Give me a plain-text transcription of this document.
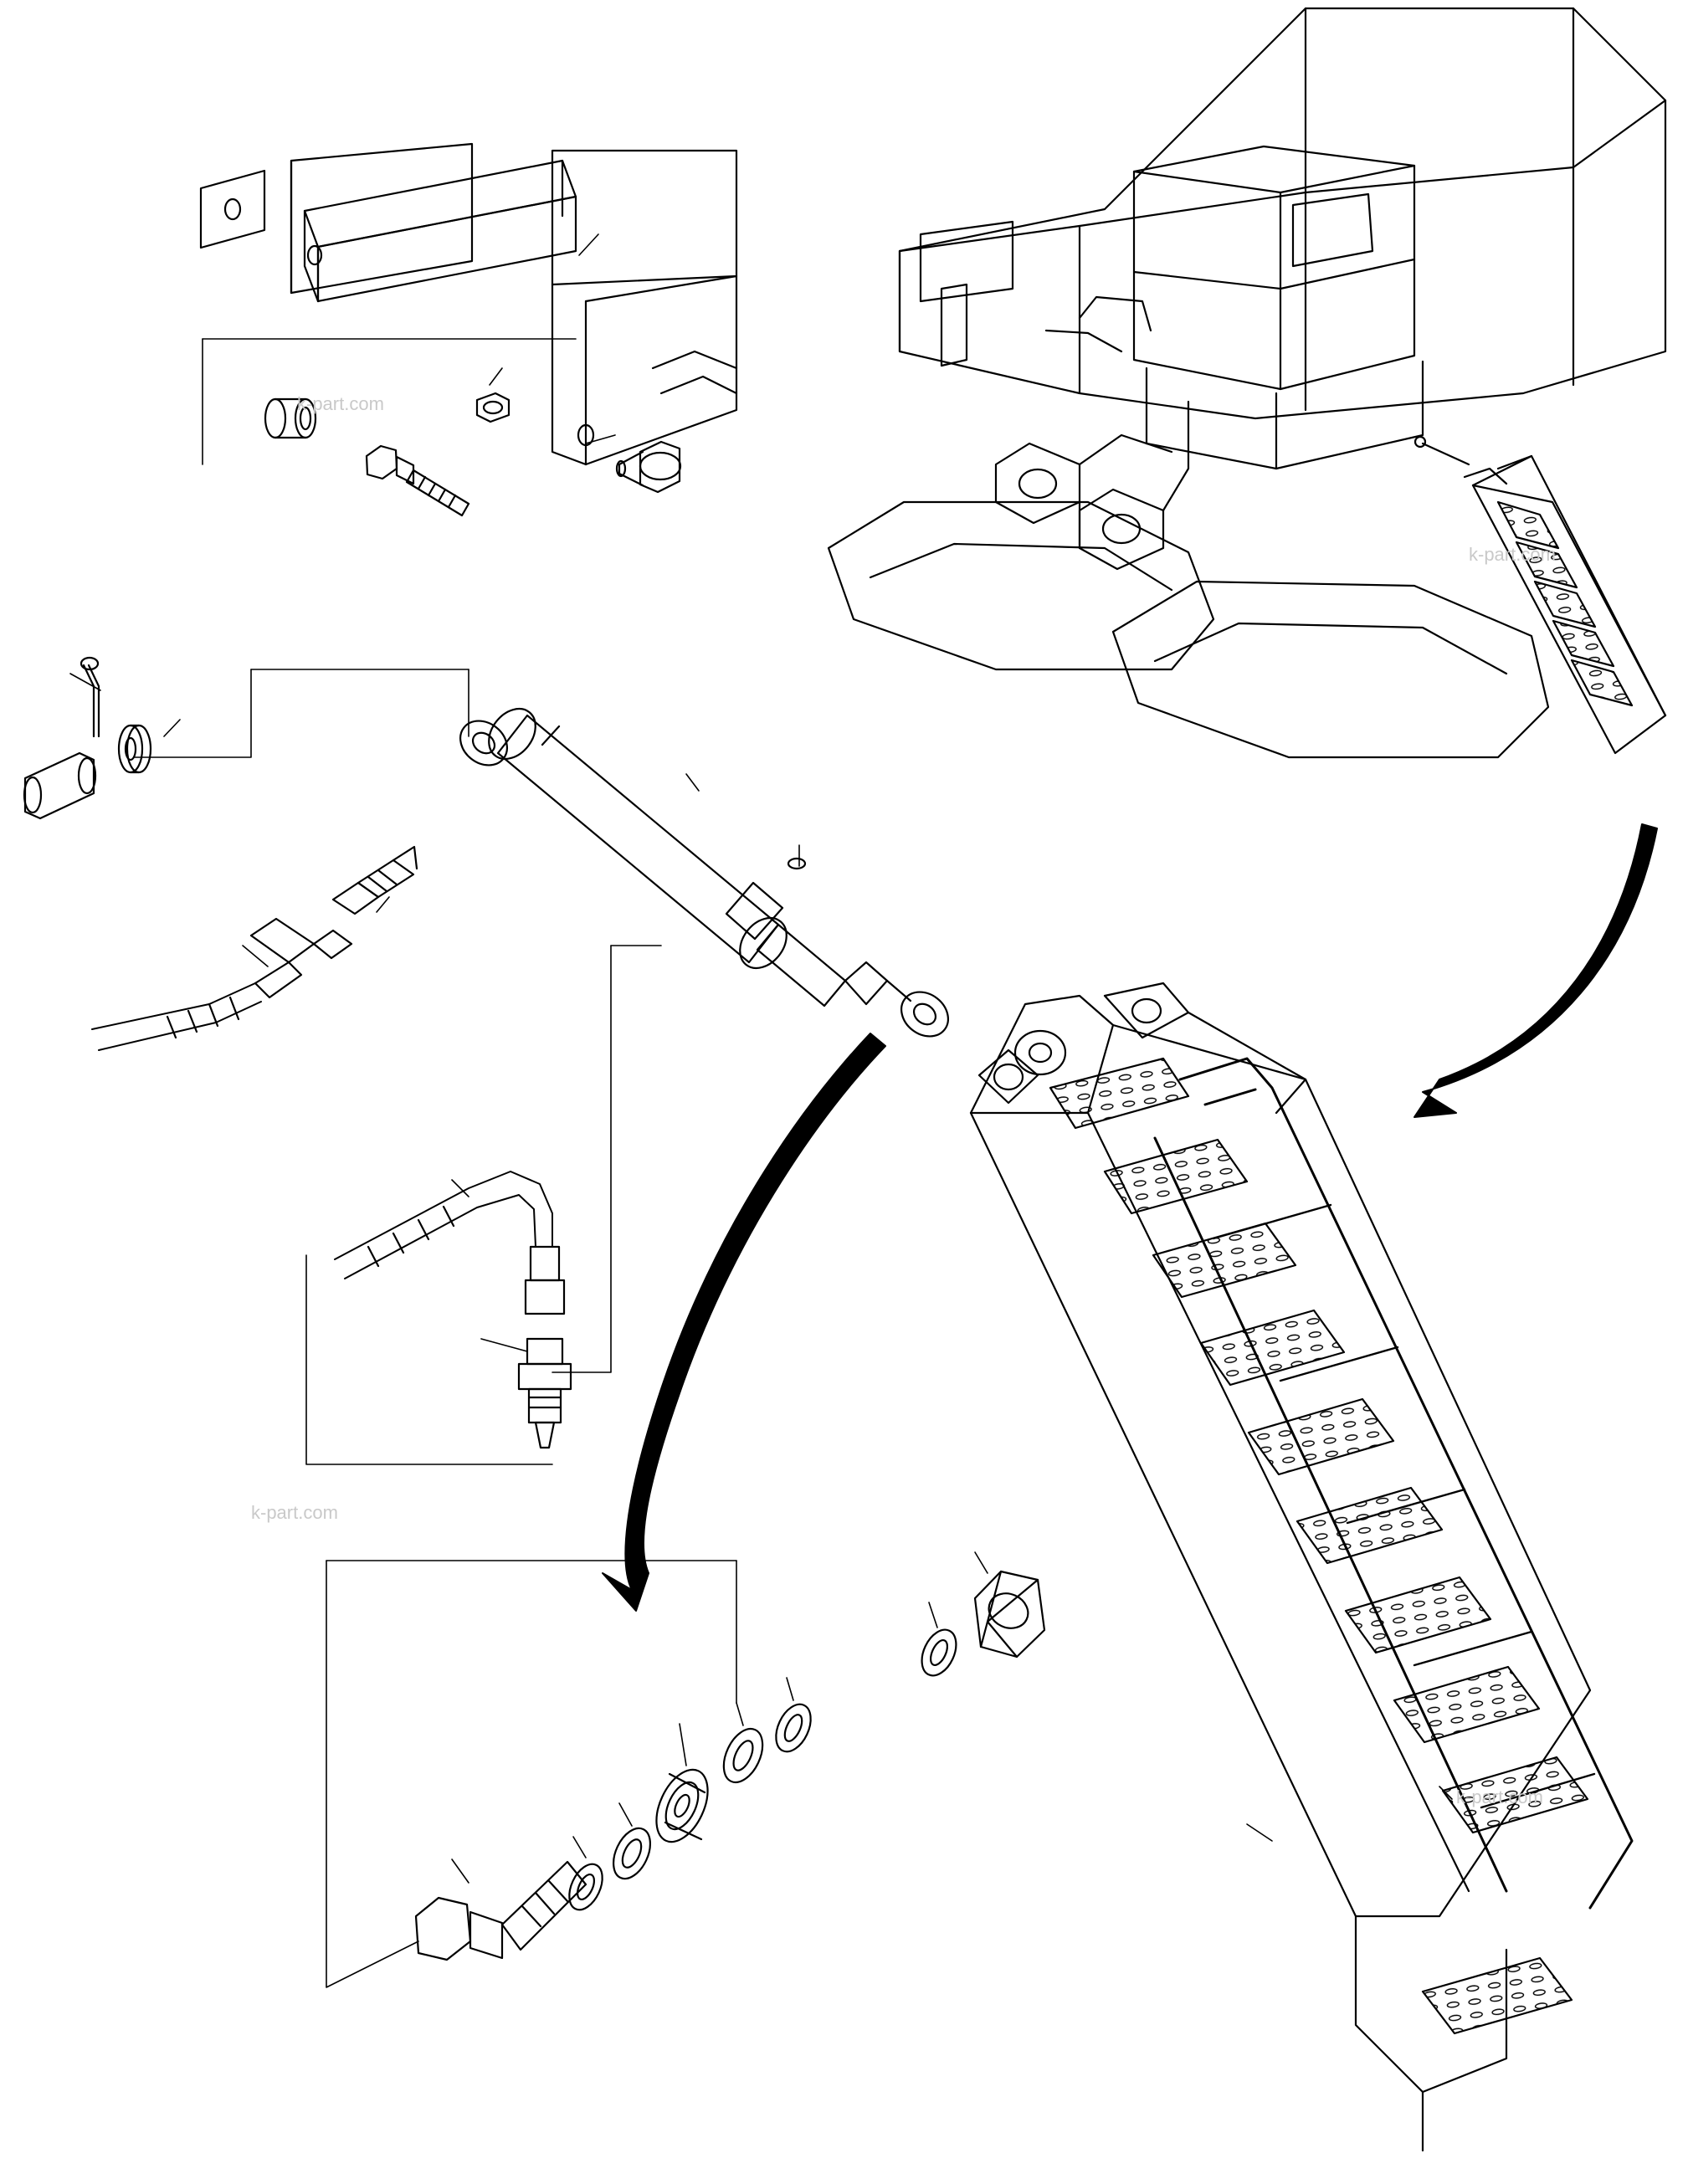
k-part.com
k-part.com
k-part.com
k-part.com
